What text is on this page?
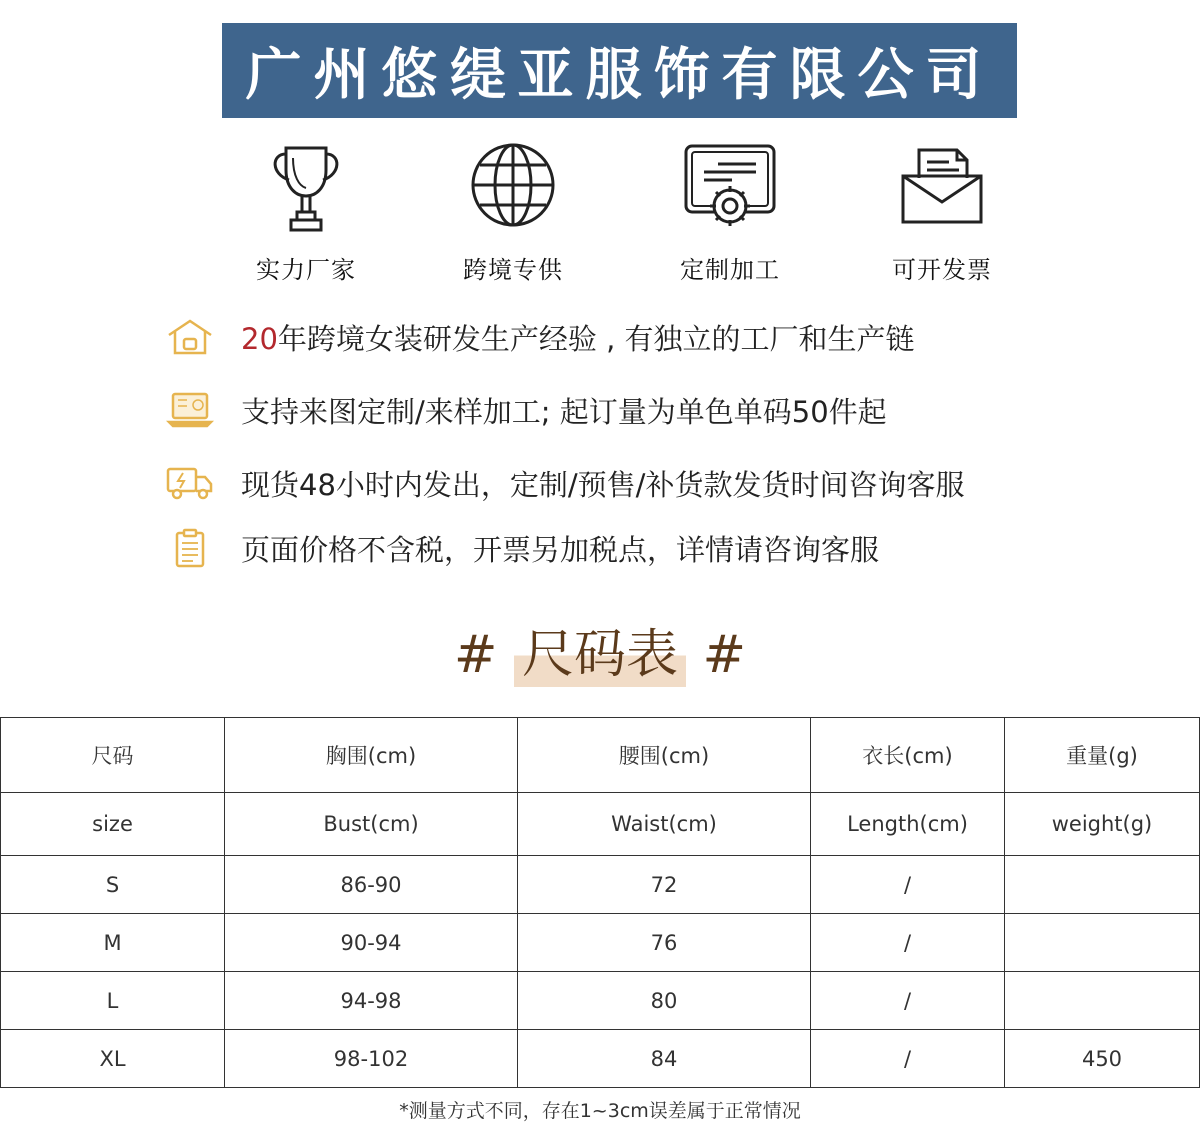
广州悠缇亚服饰有限公司
实力厂家	跨境专供	定制加工	可开发票
20年跨境女装研发生产经验 , 有独立的工厂和生产链
支持来图定制/来样加工; 起订量为单色单码50件起
现货48小时内发出，定制/预售/补货款发货时间咨询客服
页面价格不含税，开票另加税点，详情请咨询客服
# 尺码表 #
尺码	胸围(cm)	腰围(cm)	衣长(cm)	重量(g)
size	Bust(cm)	Waist(cm)	Length(cm)	weight(g)
S	86-90	72	/	
M	90-94	76	/	
L	94-98	80	/	
XL	98-102	84	/	450
*测量方式不同，存在1~3cm误差属于正常情况
